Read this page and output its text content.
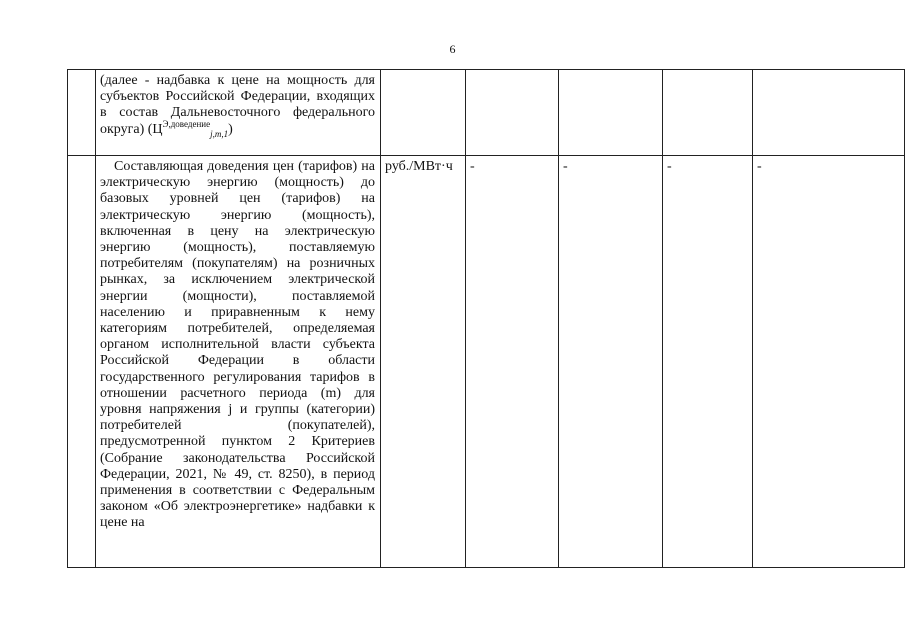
6

	(далее - надбавка к цене на мощность для субъектов Российской Федерации, входящих в состав Дальневосточного федерального округа) $(Ц^{Э,доведение}_{j,m,1})$					

	Составляющая доведения цен (тарифов) на электрическую энергию (мощность) до базовых уровней цен (тарифов) на электрическую энергию (мощность), включенная в цену на электрическую энергию (мощность), поставляемую потребителям (покупателям) на розничных рынках, за исключением электрической энергии (мощности), поставляемой населению и приравненным к нему категориям потребителей, определяемая органом исполнительной власти субъекта Российской Федерации в области государственного регулирования тарифов в отношении расчетного периода (m) для уровня напряжения j и группы (категории) потребителей (покупателей), предусмотренной пунктом 2 Критериев (Собрание законодательства Российской Федерации, 2021, № 49, ст. 8250), в период применения в соответствии с Федеральным законом «Об электроэнергетике» надбавки к цене на	руб./МВт·ч	-	-	-	-
